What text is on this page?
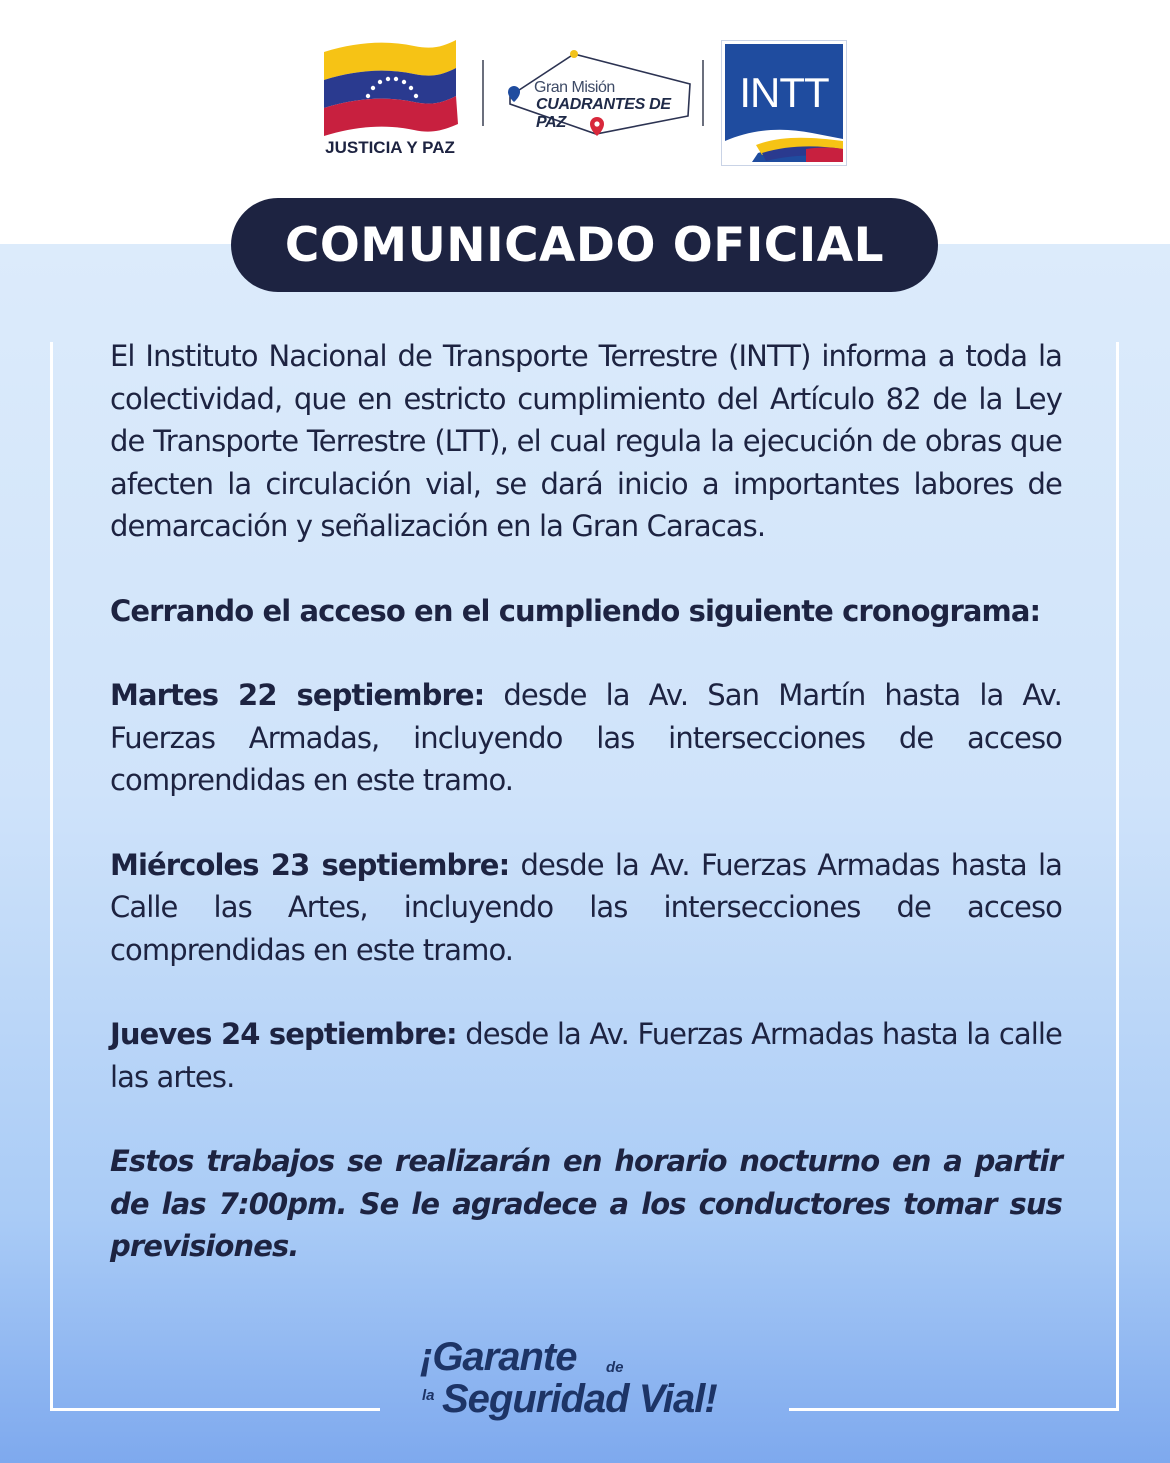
JUSTICIA Y PAZ
Gran Misión
CUADRANTES DE PAZ
INTT
COMUNICADO OFICIAL

El Instituto Nacional de Transporte Terrestre (INTT) informa a toda la colectividad, que en estricto cumplimiento del Artículo 82 de la Ley de Transporte Terrestre (LTT), el cual regula la ejecución de obras que afecten la circulación vial, se dará inicio a importantes labores de demarcación y señalización en la Gran Caracas.

Cerrando el acceso en el cumpliendo siguiente cronograma:

Martes 22 septiembre: desde la Av. San Martín hasta la Av. Fuerzas Armadas, incluyendo las intersecciones de acceso comprendidas en este tramo.

Miércoles 23 septiembre: desde la Av. Fuerzas Armadas hasta la Calle las Artes, incluyendo las intersecciones de acceso comprendidas en este tramo.

Jueves 24 septiembre: desde la Av. Fuerzas Armadas hasta la calle las artes.

Estos trabajos se realizarán en horario nocturno en a partir de las 7:00pm. Se le agradece a los conductores tomar sus previsiones.

¡Garante de
la Seguridad Vial!
